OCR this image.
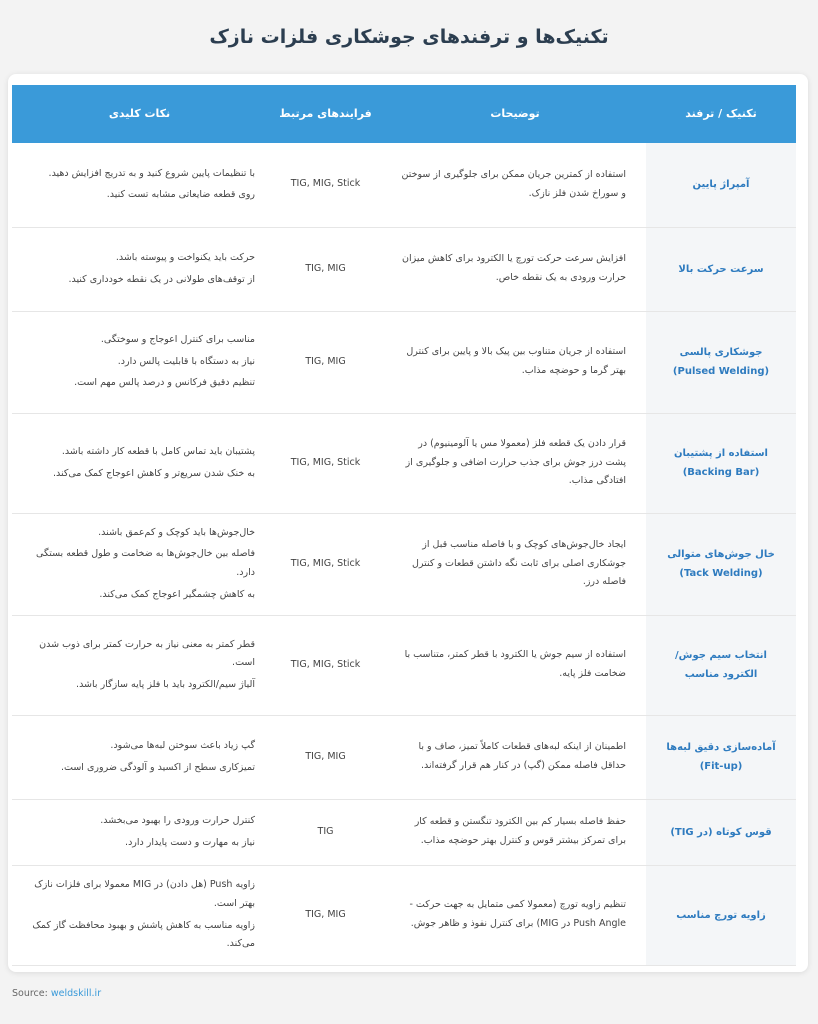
تکنیک‌ها و ترفندهای جوشکاری فلزات نازک
تکنیک / ترفند	توضیحات	فرایندهای مرتبط	نکات کلیدی
آمپراژ پایین	استفاده از کمترین جریان ممکن برای جلوگیری از سوختن و سوراخ شدن فلز نازک.	TIG, MIG, Stick	با تنظیمات پایین شروع کنید و به تدریج افزایش دهید.

روی قطعه ضایعاتی مشابه تست کنید.

سرعت حرکت بالا	افزایش سرعت حرکت تورچ یا الکترود برای کاهش میزان حرارت ورودی به یک نقطه خاص.	TIG, MIG	حرکت باید یکنواخت و پیوسته باشد.

از توقف‌های طولانی در یک نقطه خودداری کنید.

جوشکاری پالسی (Pulsed Welding)	استفاده از جریان متناوب بین پیک بالا و پایین برای کنترل بهتر گرما و حوضچه مذاب.	TIG, MIG	مناسب برای کنترل اعوجاج و سوختگی.

نیاز به دستگاه با قابلیت پالس دارد.

تنظیم دقیق فرکانس و درصد پالس مهم است.

استفاده از پشتیبان (Backing Bar)	قرار دادن یک قطعه فلز (معمولا مس یا آلومینیوم) در پشت درز جوش برای جذب حرارت اضافی و جلوگیری از افتادگی مذاب.	TIG, MIG, Stick	پشتیبان باید تماس کامل با قطعه کار داشته باشد.

به خنک شدن سریع‌تر و کاهش اعوجاج کمک می‌کند.

خال جوش‌های متوالی (Tack Welding)	ایجاد خال‌جوش‌های کوچک و با فاصله مناسب قبل از جوشکاری اصلی برای ثابت نگه داشتن قطعات و کنترل فاصله درز.	TIG, MIG, Stick	خال‌جوش‌ها باید کوچک و کم‌عمق باشند.

فاصله بین خال‌جوش‌ها به ضخامت و طول قطعه بستگی دارد.

به کاهش چشمگیر اعوجاج کمک می‌کند.

انتخاب سیم جوش/الکترود مناسب	استفاده از سیم جوش یا الکترود با قطر کمتر، متناسب با ضخامت فلز پایه.	TIG, MIG, Stick	قطر کمتر به معنی نیاز به حرارت کمتر برای ذوب شدن است.

آلیاژ سیم/الکترود باید با فلز پایه سازگار باشد.

آماده‌سازی دقیق لبه‌ها (Fit-up)	اطمینان از اینکه لبه‌های قطعات کاملاً تمیز، صاف و با حداقل فاصله ممکن (گپ) در کنار هم قرار گرفته‌اند.	TIG, MIG	گپ زیاد باعث سوختن لبه‌ها می‌شود.

تمیزکاری سطح از اکسید و آلودگی ضروری است.

قوس کوتاه (در TIG)	حفظ فاصله بسیار کم بین الکترود تنگستن و قطعه کار برای تمرکز بیشتر قوس و کنترل بهتر حوضچه مذاب.	TIG	کنترل حرارت ورودی را بهبود می‌بخشد.

نیاز به مهارت و دست پایدار دارد.

زاویه تورچ مناسب	تنظیم زاویه تورچ (معمولا کمی متمایل به جهت حرکت - Push Angle در MIG) برای کنترل نفوذ و ظاهر جوش.	TIG, MIG	زاویه Push (هل دادن) در MIG معمولا برای فلزات نازک بهتر است.

زاویه مناسب به کاهش پاشش و بهبود محافظت گاز کمک می‌کند.

Source: weldskill.ir
